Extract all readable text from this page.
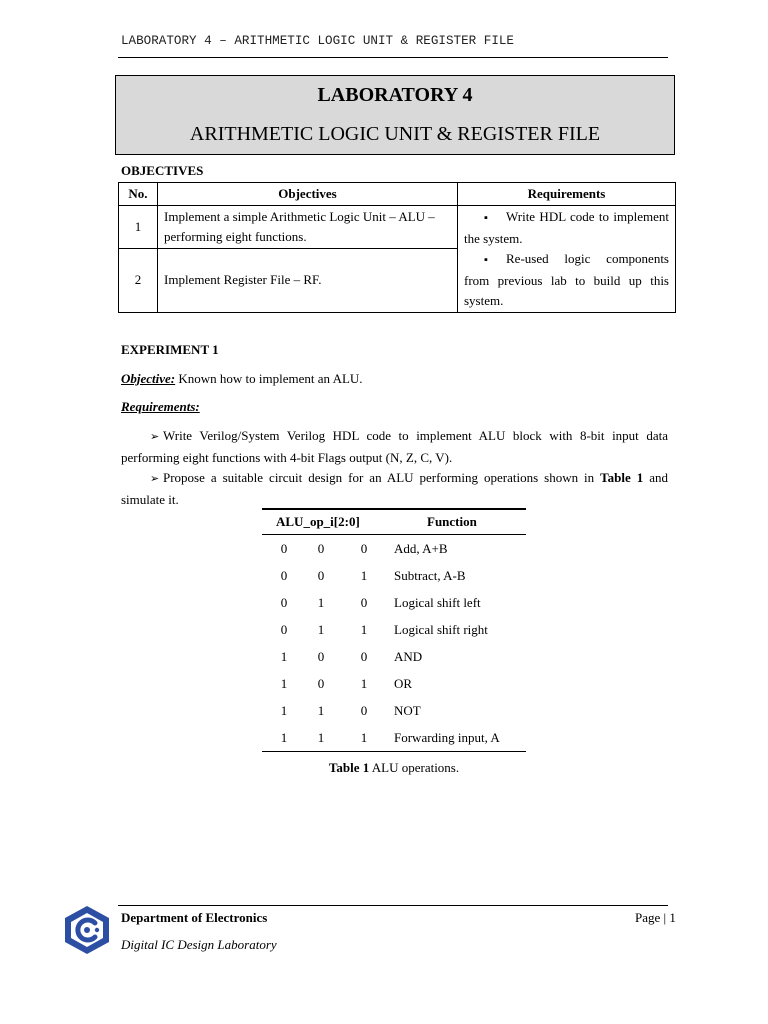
LABORATORY 4 – ARITHMETIC LOGIC UNIT & REGISTER FILE
LABORATORY 4
ARITHMETIC LOGIC UNIT & REGISTER FILE
OBJECTIVES
No.	Objectives	Requirements
1	Implement a simple Arithmetic Logic Unit – ALU – performing eight functions.	▪ Write HDL code to implement the system.

▪ Re-used logic components from previous lab to build up this system.

2	Implement Register File – RF.	
EXPERIMENT 1
Objective: Known how to implement an ALU.
Requirements:

➢ Write Verilog/System Verilog HDL code to implement ALU block with 8-bit input data performing eight functions with 4-bit Flags output (N, Z, C, V).

➢ Propose a suitable circuit design for an ALU performing operations shown in Table 1 and simulate it.

ALU_op_i[2:0]			Function
0	0	0	Add, A+B
0	0	1	Subtract, A-B
0	1	0	Logical shift left
0	1	1	Logical shift right
1	0	0	AND
1	0	1	OR
1	1	0	NOT
1	1	1	Forwarding input, A
Table 1 ALU operations.
Department of Electronics	Page | 1
Digital IC Design Laboratory
